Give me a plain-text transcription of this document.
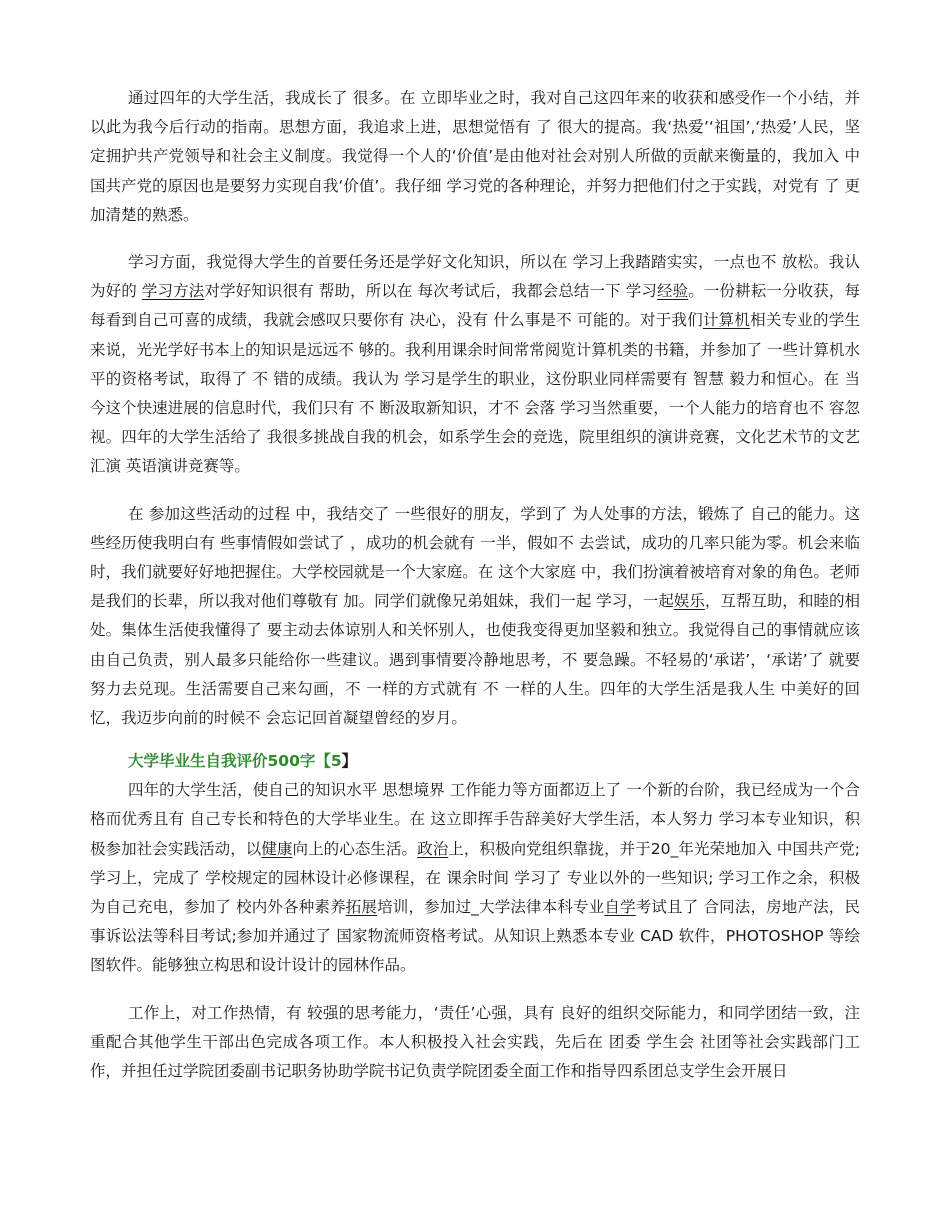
通过四年的大学生活，我成长了 很多。在 立即毕业之时，我对自己这四年来的收获和感受作一个小结，并以此为我今后行动的指南。思想方面，我追求上进，思想觉悟有 了 很大的提高。我‘热爱’‘祖国’,‘热爱’人民，坚定拥护共产党领导和社会主义制度。我觉得一个人的‘价值’是由他对社会对别人所做的贡献来衡量的，我加入 中国共产党的原因也是要努力实现自我‘价值’。我仔细 学习党的各种理论，并努力把他们付之于实践，对党有 了 更加清楚的熟悉。

学习方面，我觉得大学生的首要任务还是学好文化知识，所以在 学习上我踏踏实实，一点也不 放松。我认为好的 学习方法对学好知识很有 帮助，所以在 每次考试后，我都会总结一下 学习经验。一份耕耘一分收获，每每看到自己可喜的成绩，我就会感叹只要你有 决心，没有 什么事是不 可能的。对于我们计算机相关专业的学生来说，光光学好书本上的知识是远远不 够的。我利用课余时间常常阅览计算机类的书籍，并参加了 一些计算机水平的资格考试，取得了 不 错的成绩。我认为 学习是学生的职业，这份职业同样需要有 智慧 毅力和恒心。在 当今这个快速进展的信息时代，我们只有 不 断汲取新知识，才不 会落 学习当然重要，一个人能力的培育也不 容忽视。四年的大学生活给了 我很多挑战自我的机会，如系学生会的竞选，院里组织的演讲竞赛，文化艺术节的文艺汇演 英语演讲竞赛等。

在 参加这些活动的过程 中，我结交了 一些很好的朋友，学到了 为人处事的方法，锻炼了 自己的能力。这些经历使我明白有 些事情假如尝试了 ，成功的机会就有 一半，假如不 去尝试，成功的几率只能为零。机会来临时，我们就要好好地把握住。大学校园就是一个大家庭。在 这个大家庭 中，我们扮演着被培育对象的角色。老师是我们的长辈，所以我对他们尊敬有 加。同学们就像兄弟姐妹，我们一起 学习，一起娱乐，互帮互助，和睦的相处。集体生活使我懂得了 要主动去体谅别人和关怀别人，也使我变得更加坚毅和独立。我觉得自己的事情就应该由自己负责，别人最多只能给你一些建议。遇到事情要冷静地思考，不 要急躁。不轻易的‘承诺’，‘承诺’了 就要努力去兑现。生活需要自己来勾画，不 一样的方式就有 不 一样的人生。四年的大学生活是我人生 中美好的回忆，我迈步向前的时候不 会忘记回首凝望曾经的岁月。

大学毕业生自我评价500字【5】

四年的大学生活，使自己的知识水平 思想境界 工作能力等方面都迈上了 一个新的台阶，我已经成为一个合格而优秀且有 自己专长和特色的大学毕业生。在 这立即挥手告辞美好大学生活，本人努力 学习本专业知识，积极参加社会实践活动，以健康向上的心态生活。政治上，积极向党组织靠拢，并于20_年光荣地加入 中国共产党; 学习上，完成了 学校规定的园林设计必修课程，在 课余时间 学习了 专业以外的一些知识; 学习工作之余，积极为自己充电，参加了 校内外各种素养拓展培训，参加过_大学法律本科专业自学考试且了 合同法，房地产法，民事诉讼法等科目考试;参加并通过了 国家物流师资格考试。从知识上熟悉本专业 CAD 软件，PHOTOSHOP 等绘图软件。能够独立构思和设计设计的园林作品。

工作上，对工作热情，有 较强的思考能力，‘责任’心强，具有 良好的组织交际能力，和同学团结一致，注重配合其他学生干部出色完成各项工作。本人积极投入社会实践，先后在 团委 学生会 社团等社会实践部门工作，并担任过学院团委副书记职务协助学院书记负责学院团委全面工作和指导四系团总支学生会开展日
